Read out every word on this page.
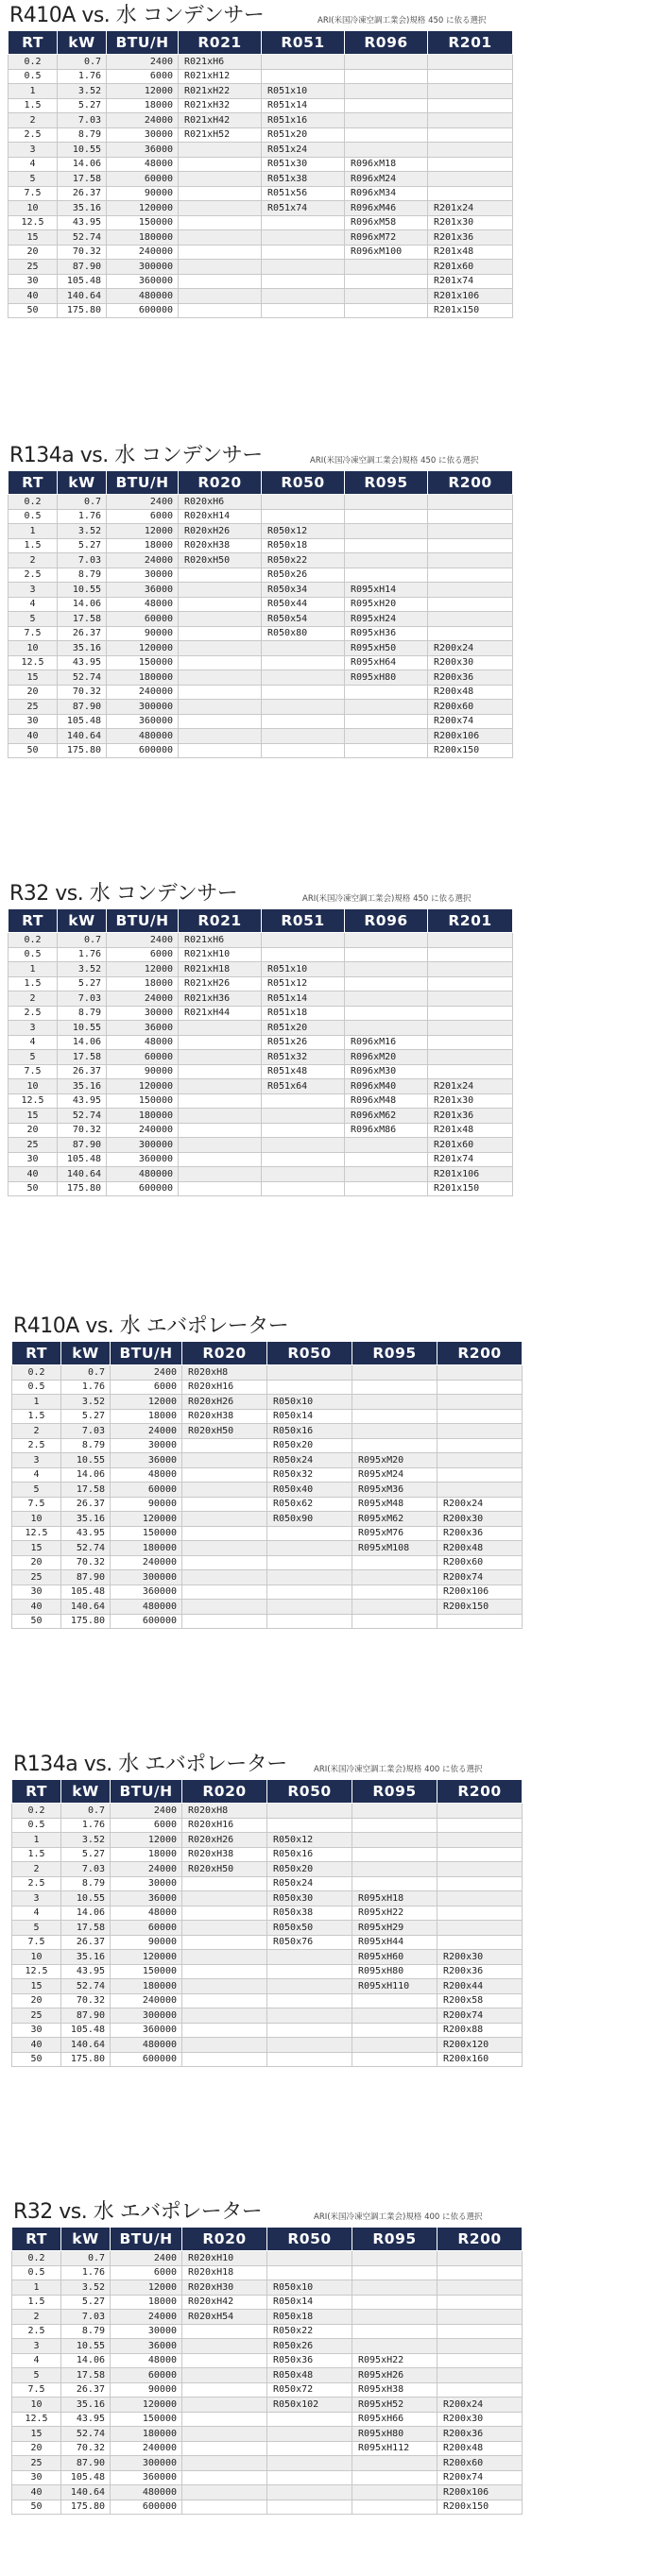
R410A vs. 水 コンデンサー	ARI(米国冷凍空調工業会)規格 450 に依る選択
RT	kW	BTU/H	R021	R051	R096	R201
0.2	0.7	2400	R021xH6			
0.5	1.76	6000	R021xH12			
1	3.52	12000	R021xH22	R051x10		
1.5	5.27	18000	R021xH32	R051x14		
2	7.03	24000	R021xH42	R051x16		
2.5	8.79	30000	R021xH52	R051x20		
3	10.55	36000		R051x24		
4	14.06	48000		R051x30	R096xM18	
5	17.58	60000		R051x38	R096xM24	
7.5	26.37	90000		R051x56	R096xM34	
10	35.16	120000		R051x74	R096xM46	R201x24
12.5	43.95	150000			R096xM58	R201x30
15	52.74	180000			R096xM72	R201x36
20	70.32	240000			R096xM100	R201x48
25	87.90	300000				R201x60
30	105.48	360000				R201x74
40	140.64	480000				R201x106
50	175.80	600000				R201x150
R134a vs. 水 コンデンサー	ARI(米国冷凍空調工業会)規格 450 に依る選択
RT	kW	BTU/H	R020	R050	R095	R200
0.2	0.7	2400	R020xH6			
0.5	1.76	6000	R020xH14			
1	3.52	12000	R020xH26	R050x12		
1.5	5.27	18000	R020xH38	R050x18		
2	7.03	24000	R020xH50	R050x22		
2.5	8.79	30000		R050x26		
3	10.55	36000		R050x34	R095xH14	
4	14.06	48000		R050x44	R095xH20	
5	17.58	60000		R050x54	R095xH24	
7.5	26.37	90000		R050x80	R095xH36	
10	35.16	120000			R095xH50	R200x24
12.5	43.95	150000			R095xH64	R200x30
15	52.74	180000			R095xH80	R200x36
20	70.32	240000				R200x48
25	87.90	300000				R200x60
30	105.48	360000				R200x74
40	140.64	480000				R200x106
50	175.80	600000				R200x150
R32 vs. 水 コンデンサー	ARI(米国冷凍空調工業会)規格 450 に依る選択
RT	kW	BTU/H	R021	R051	R096	R201
0.2	0.7	2400	R021xH6			
0.5	1.76	6000	R021xH10			
1	3.52	12000	R021xH18	R051x10		
1.5	5.27	18000	R021xH26	R051x12		
2	7.03	24000	R021xH36	R051x14		
2.5	8.79	30000	R021xH44	R051x18		
3	10.55	36000		R051x20		
4	14.06	48000		R051x26	R096xM16	
5	17.58	60000		R051x32	R096xM20	
7.5	26.37	90000		R051x48	R096xM30	
10	35.16	120000		R051x64	R096xM40	R201x24
12.5	43.95	150000			R096xM48	R201x30
15	52.74	180000			R096xM62	R201x36
20	70.32	240000			R096xM86	R201x48
25	87.90	300000				R201x60
30	105.48	360000				R201x74
40	140.64	480000				R201x106
50	175.80	600000				R201x150
R410A vs. 水 エバポレーター
RT	kW	BTU/H	R020	R050	R095	R200
0.2	0.7	2400	R020xH8			
0.5	1.76	6000	R020xH16			
1	3.52	12000	R020xH26	R050x10		
1.5	5.27	18000	R020xH38	R050x14		
2	7.03	24000	R020xH50	R050x16		
2.5	8.79	30000		R050x20		
3	10.55	36000		R050x24	R095xM20	
4	14.06	48000		R050x32	R095xM24	
5	17.58	60000		R050x40	R095xM36	
7.5	26.37	90000		R050x62	R095xM48	R200x24
10	35.16	120000		R050x90	R095xM62	R200x30
12.5	43.95	150000			R095xM76	R200x36
15	52.74	180000			R095xM108	R200x48
20	70.32	240000				R200x60
25	87.90	300000				R200x74
30	105.48	360000				R200x106
40	140.64	480000				R200x150
50	175.80	600000				
R134a vs. 水 エバポレーター	ARI(米国冷凍空調工業会)規格 400 に依る選択
RT	kW	BTU/H	R020	R050	R095	R200
0.2	0.7	2400	R020xH8			
0.5	1.76	6000	R020xH16			
1	3.52	12000	R020xH26	R050x12		
1.5	5.27	18000	R020xH38	R050x16		
2	7.03	24000	R020xH50	R050x20		
2.5	8.79	30000		R050x24		
3	10.55	36000		R050x30	R095xH18	
4	14.06	48000		R050x38	R095xH22	
5	17.58	60000		R050x50	R095xH29	
7.5	26.37	90000		R050x76	R095xH44	
10	35.16	120000			R095xH60	R200x30
12.5	43.95	150000			R095xH80	R200x36
15	52.74	180000			R095xH110	R200x44
20	70.32	240000				R200x58
25	87.90	300000				R200x74
30	105.48	360000				R200x88
40	140.64	480000				R200x120
50	175.80	600000				R200x160
R32 vs. 水 エバポレーター	ARI(米国冷凍空調工業会)規格 400 に依る選択
RT	kW	BTU/H	R020	R050	R095	R200
0.2	0.7	2400	R020xH10			
0.5	1.76	6000	R020xH18			
1	3.52	12000	R020xH30	R050x10		
1.5	5.27	18000	R020xH42	R050x14		
2	7.03	24000	R020xH54	R050x18		
2.5	8.79	30000		R050x22		
3	10.55	36000		R050x26		
4	14.06	48000		R050x36	R095xH22	
5	17.58	60000		R050x48	R095xH26	
7.5	26.37	90000		R050x72	R095xH38	
10	35.16	120000		R050x102	R095xH52	R200x24
12.5	43.95	150000			R095xH66	R200x30
15	52.74	180000			R095xH80	R200x36
20	70.32	240000			R095xH112	R200x48
25	87.90	300000				R200x60
30	105.48	360000				R200x74
40	140.64	480000				R200x106
50	175.80	600000				R200x150
